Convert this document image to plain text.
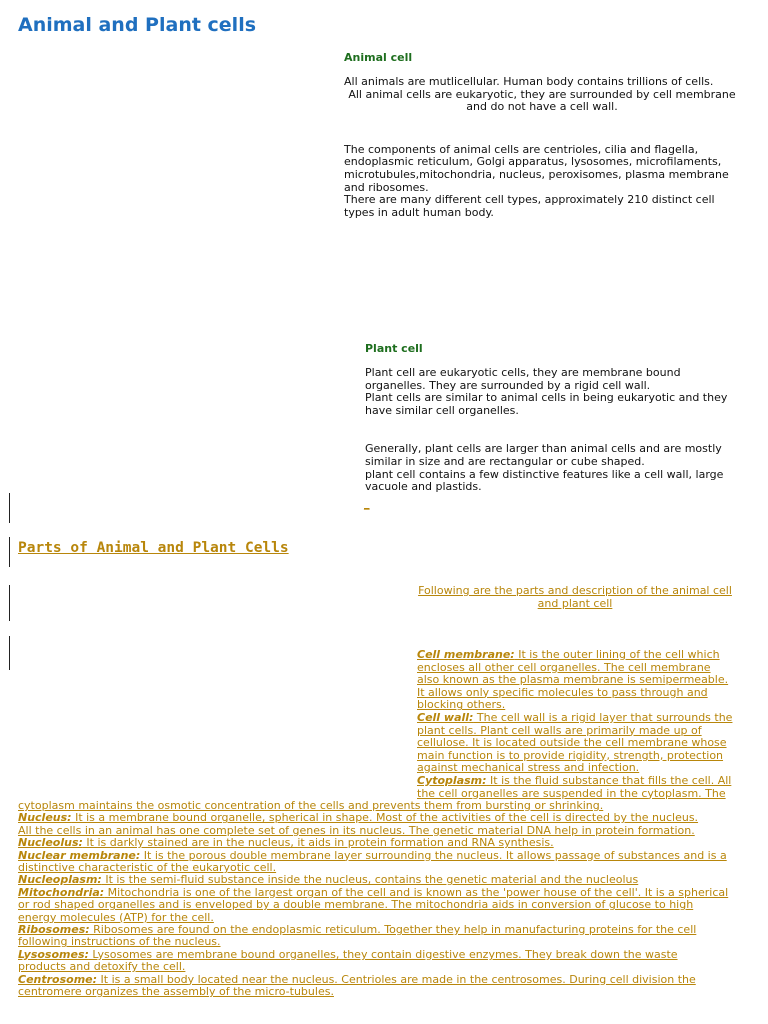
Animal and Plant cells

Animal cell

All animals are mutlicellular. Human body contains trillions of cells.

All animal cells are eukaryotic, they are surrounded by cell membrane
and do not have a cell wall.

The components of animal cells are centrioles, cilia and flagella,
endoplasmic reticulum, Golgi apparatus, lysosomes, microfilaments,
microtubules,mitochondria, nucleus, peroxisomes, plasma membrane
and ribosomes.
There are many different cell types, approximately 210 distinct cell
types in adult human body.

Plant cell

Plant cell are eukaryotic cells, they are membrane bound
organelles. They are surrounded by a rigid cell wall.
Plant cells are similar to animal cells in being eukaryotic and they
have similar cell organelles.

Generally, plant cells are larger than animal cells and are mostly
similar in size and are rectangular or cube shaped.
plant cell contains a few distinctive features like a cell wall, large
vacuole and plastids.

_
Parts of Animal and Plant Cells
Following are the parts and description of the animal cell
and plant cell

Cell membrane: It is the outer lining of the cell which
encloses all other cell organelles. The cell membrane
also known as the plasma membrane is semipermeable.
It allows only specific molecules to pass through and
blocking others.

Cell wall: The cell wall is a rigid layer that surrounds the
plant cells. Plant cell walls are primarily made up of
cellulose. It is located outside the cell membrane whose
main function is to provide rigidity, strength, protection
against mechanical stress and infection.

Cytoplasm: It is the fluid substance that fills the cell. All
the cell organelles are suspended in the cytoplasm. The

cytoplasm maintains the osmotic concentration of the cells and prevents them from bursting or shrinking.

Nucleus: It is a membrane bound organelle, spherical in shape. Most of the activities of the cell is directed by the nucleus.
All the cells in an animal has one complete set of genes in its nucleus. The genetic material DNA help in protein formation.

Nucleolus: It is darkly stained are in the nucleus, it aids in protein formation and RNA synthesis.

Nuclear membrane: It is the porous double membrane layer surrounding the nucleus. It allows passage of substances and is a
distinctive characteristic of the eukaryotic cell.

Nucleoplasm: It is the semi-fluid substance inside the nucleus, contains the genetic material and the nucleolus

Mitochondria: Mitochondria is one of the largest organ of the cell and is known as the 'power house of the cell'. It is a spherical
or rod shaped organelles and is enveloped by a double membrane. The mitochondria aids in conversion of glucose to high
energy molecules (ATP) for the cell.

Ribosomes: Ribosomes are found on the endoplasmic reticulum. Together they help in manufacturing proteins for the cell
following instructions of the nucleus.

Lysosomes: Lysosomes are membrane bound organelles, they contain digestive enzymes. They break down the waste
products and detoxify the cell.

Centrosome: It is a small body located near the nucleus. Centrioles are made in the centrosomes. During cell division the
centromere organizes the assembly of the micro-tubules.
